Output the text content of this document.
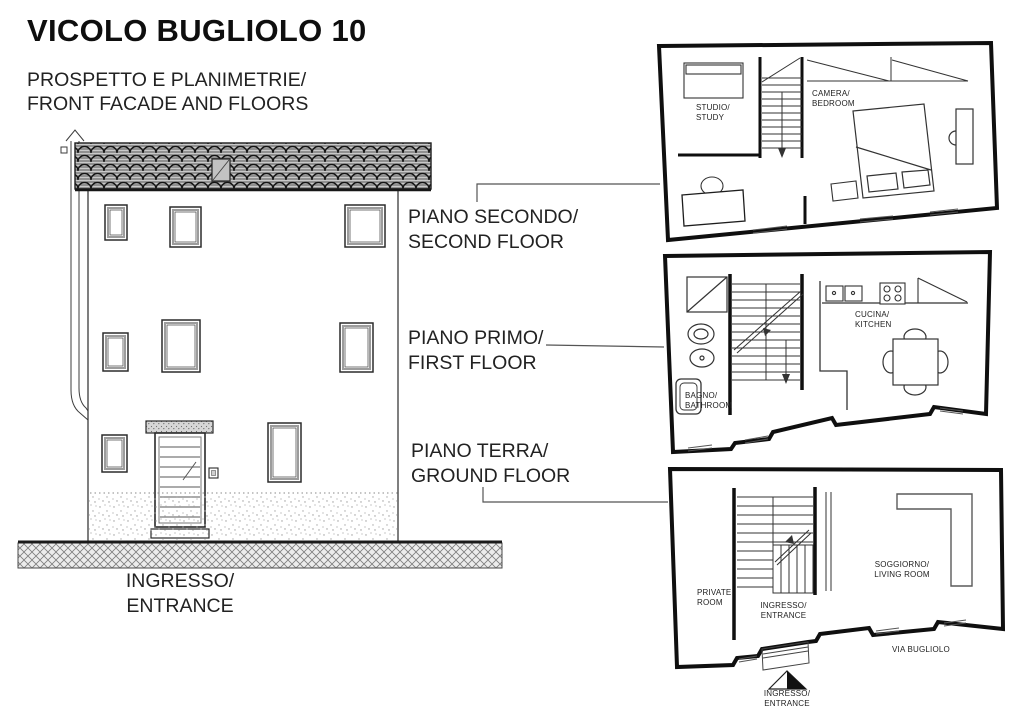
VICOLO BUGLIOLO 10
PROSPETTO E PLANIMETRIE/
FRONT FACADE AND FLOORS
PIANO SECONDO/
SECOND FLOOR
PIANO PRIMO/
FIRST FLOOR
PIANO TERRA/
GROUND FLOOR
INGRESSO/
ENTRANCE
STUDIO/
STUDY
CAMERA/
BEDROOM
BAGNO/
BATHROOM
CUCINA/
KITCHEN
PRIVATE
ROOM	INGRESSO/
ENTRANCE
SOGGIORNO/
LIVING ROOM
VIA BUGLIOLO
INGRESSO/
ENTRANCE
